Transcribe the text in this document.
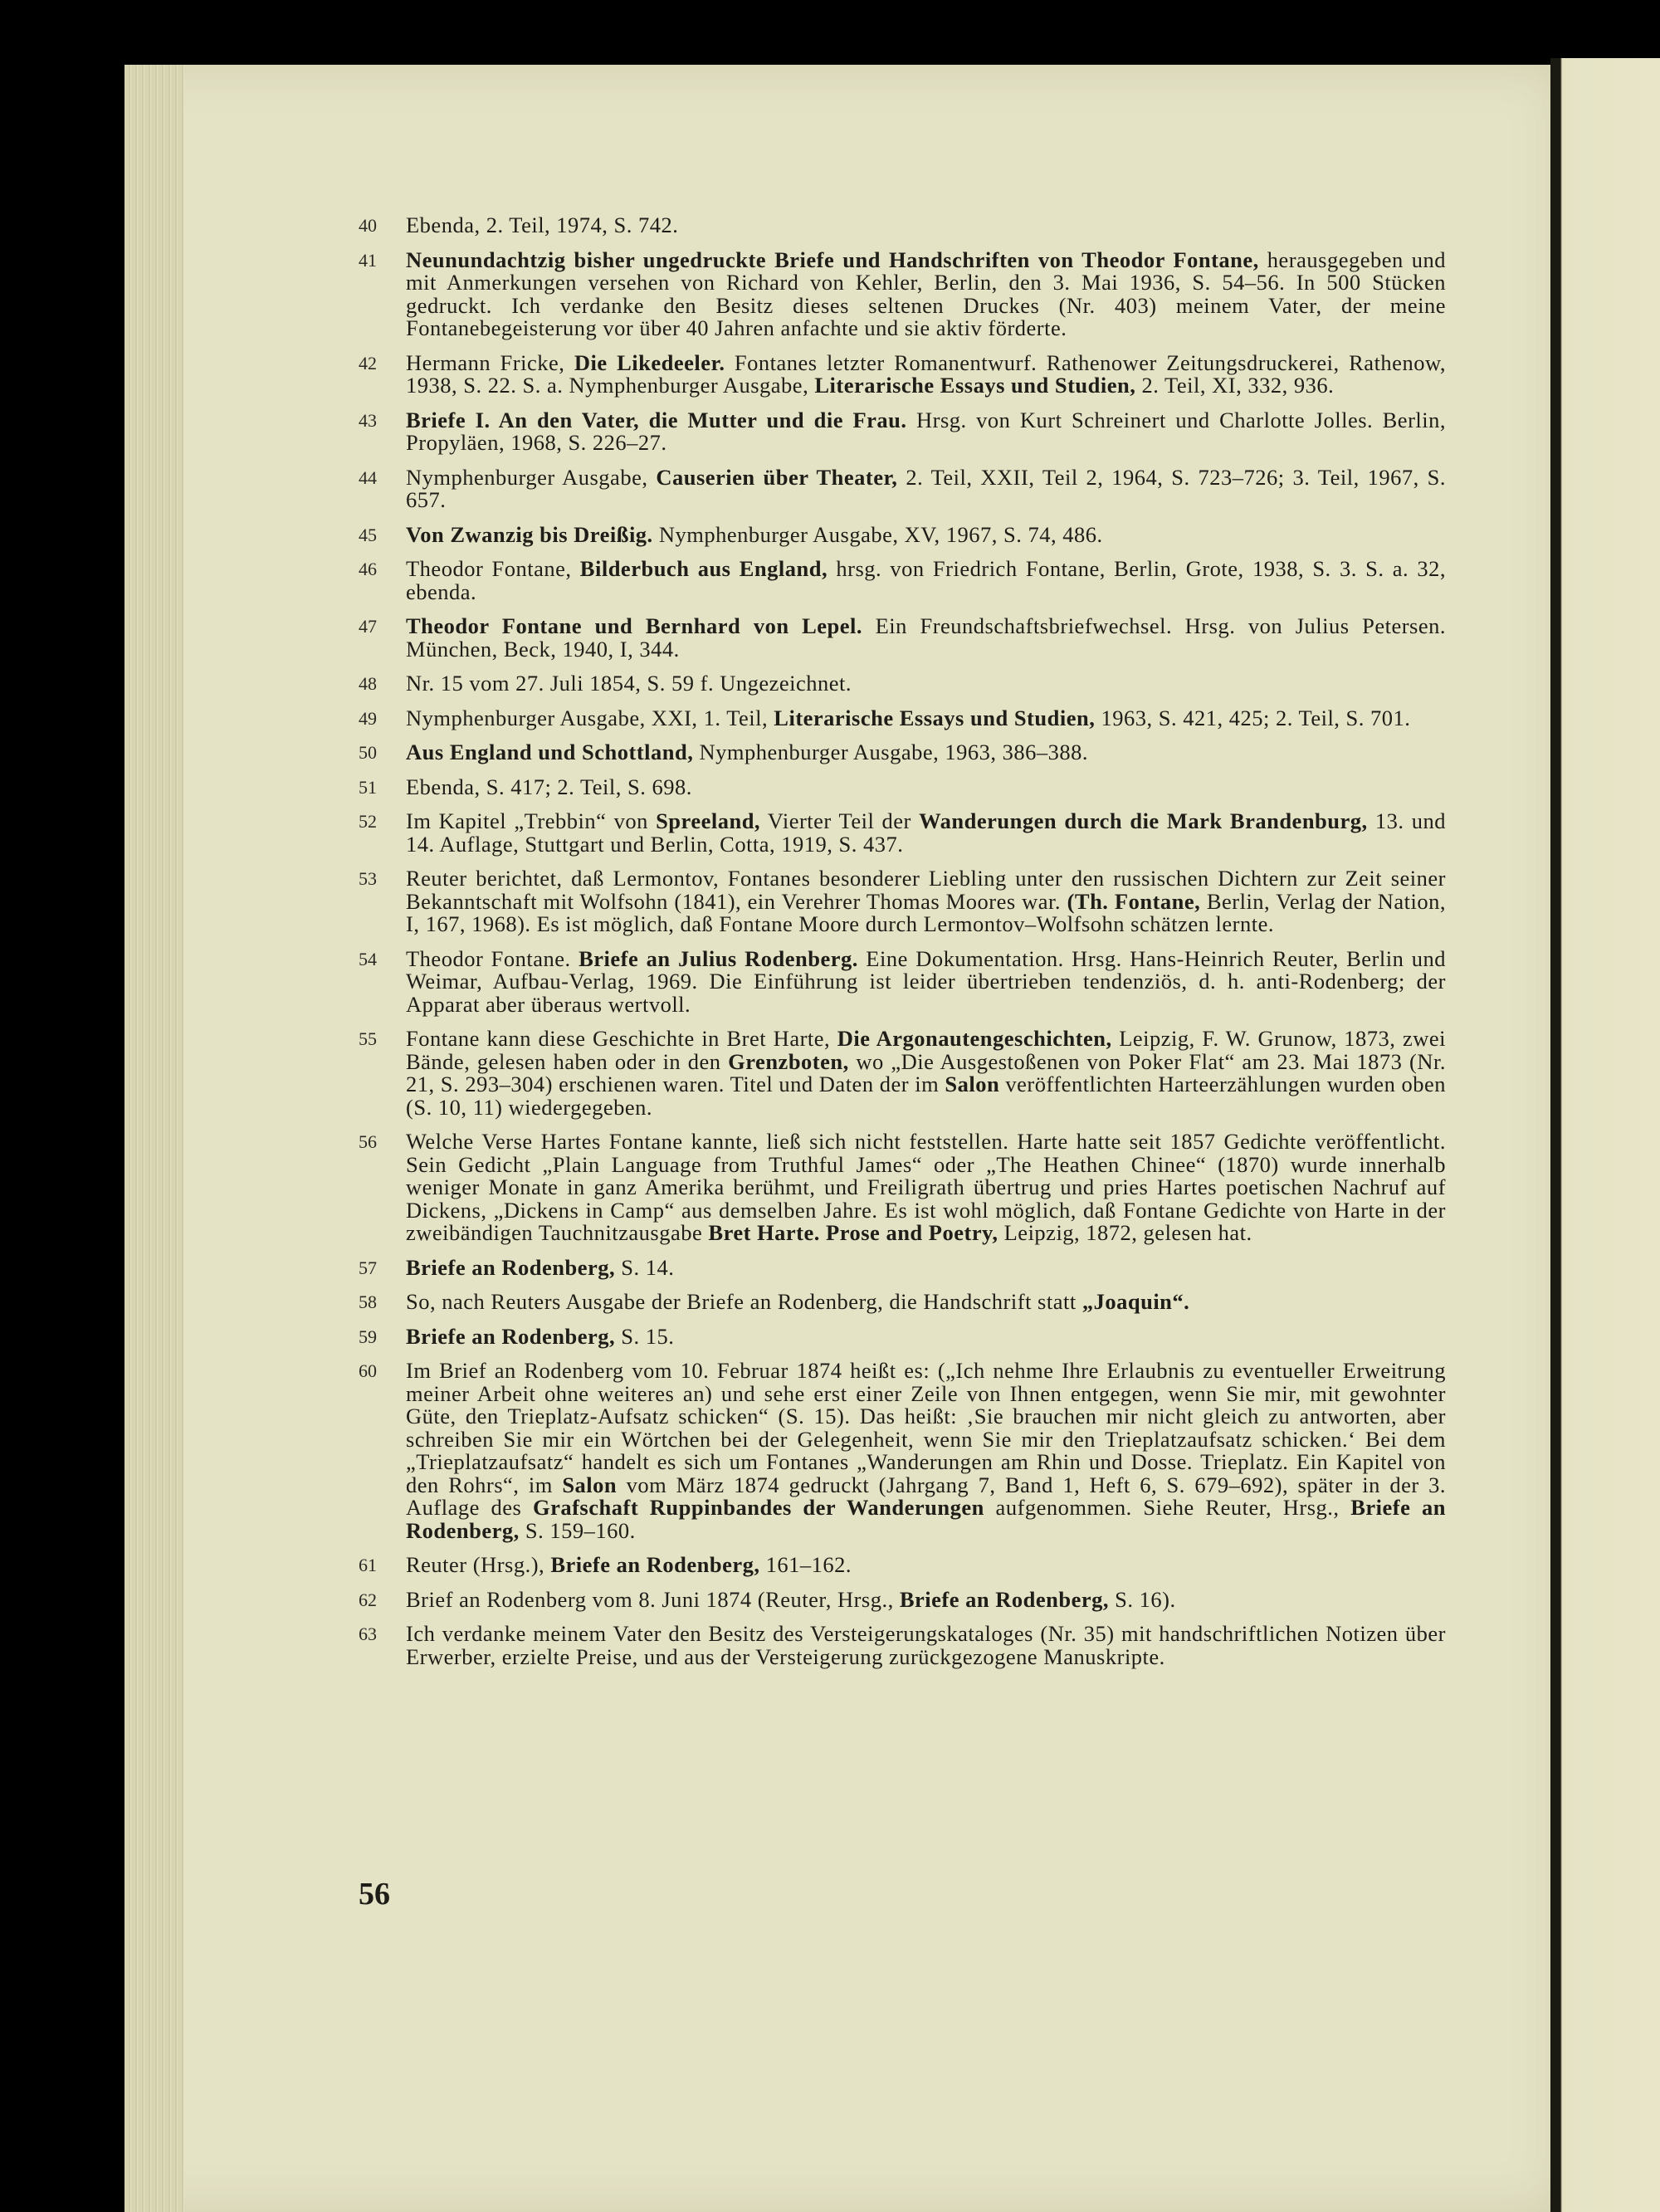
40	Ebenda, 2. Teil, 1974, S. 742.
41	Neunundachtzig bisher ungedruckte Briefe und Handschriften von Theodor Fontane, herausgegeben und mit Anmerkungen versehen von Richard von Kehler, Berlin, den 3. Mai 1936, S. 54–56. In 500 Stücken gedruckt. Ich verdanke den Besitz dieses seltenen Druckes (Nr. 403) meinem Vater, der meine Fontanebegeisterung vor über 40 Jahren anfachte und sie aktiv förderte.
42	Hermann Fricke, Die Likedeeler. Fontanes letzter Romanentwurf. Rathenower Zeitungsdruckerei, Rathenow, 1938, S. 22. S. a. Nymphenburger Ausgabe, Literarische Essays und Studien, 2. Teil, XI, 332, 936.
43	Briefe I. An den Vater, die Mutter und die Frau. Hrsg. von Kurt Schreinert und Charlotte Jolles. Berlin, Propyläen, 1968, S. 226–27.
44	Nymphenburger Ausgabe, Causerien über Theater, 2. Teil, XXII, Teil 2, 1964, S. 723–726; 3. Teil, 1967, S. 657.
45	Von Zwanzig bis Dreißig. Nymphenburger Ausgabe, XV, 1967, S. 74, 486.
46	Theodor Fontane, Bilderbuch aus England, hrsg. von Friedrich Fontane, Berlin, Grote, 1938, S. 3. S. a. 32, ebenda.
47	Theodor Fontane und Bernhard von Lepel. Ein Freundschaftsbriefwechsel. Hrsg. von Julius Petersen. München, Beck, 1940, I, 344.
48	Nr. 15 vom 27. Juli 1854, S. 59 f. Ungezeichnet.
49	Nymphenburger Ausgabe, XXI, 1. Teil, Literarische Essays und Studien, 1963, S. 421, 425; 2. Teil, S. 701.
50	Aus England und Schottland, Nymphenburger Ausgabe, 1963, 386–388.
51	Ebenda, S. 417; 2. Teil, S. 698.
52	Im Kapitel „Trebbin“ von Spreeland, Vierter Teil der Wanderungen durch die Mark Brandenburg, 13. und 14. Auflage, Stuttgart und Berlin, Cotta, 1919, S. 437.
53	Reuter berichtet, daß Lermontov, Fontanes besonderer Liebling unter den russischen Dichtern zur Zeit seiner Bekanntschaft mit Wolfsohn (1841), ein Verehrer Thomas Moores war. (Th. Fontane, Berlin, Verlag der Nation, I, 167, 1968). Es ist möglich, daß Fontane Moore durch Lermontov–Wolfsohn schätzen lernte.
54	Theodor Fontane. Briefe an Julius Rodenberg. Eine Dokumentation. Hrsg. Hans-Heinrich Reuter, Berlin und Weimar, Aufbau-Verlag, 1969. Die Einführung ist leider übertrieben tendenziös, d. h. anti-Rodenberg; der Apparat aber überaus wertvoll.
55	Fontane kann diese Geschichte in Bret Harte, Die Argonautengeschichten, Leipzig, F. W. Grunow, 1873, zwei Bände, gelesen haben oder in den Grenzboten, wo „Die Ausgestoßenen von Poker Flat“ am 23. Mai 1873 (Nr. 21, S. 293–304) erschienen waren. Titel und Daten der im Salon veröffentlichten Harteerzählungen wurden oben (S. 10, 11) wiedergegeben.
56	Welche Verse Hartes Fontane kannte, ließ sich nicht feststellen. Harte hatte seit 1857 Gedichte veröffentlicht. Sein Gedicht „Plain Language from Truthful James“ oder „The Heathen Chinee“ (1870) wurde innerhalb weniger Monate in ganz Amerika berühmt, und Freiligrath übertrug und pries Hartes poetischen Nachruf auf Dickens, „Dickens in Camp“ aus demselben Jahre. Es ist wohl möglich, daß Fontane Gedichte von Harte in der zweibändigen Tauchnitzausgabe Bret Harte. Prose and Poetry, Leipzig, 1872, gelesen hat.
57	Briefe an Rodenberg, S. 14.
58	So, nach Reuters Ausgabe der Briefe an Rodenberg, die Handschrift statt „Joaquin“.
59	Briefe an Rodenberg, S. 15.
60	Im Brief an Rodenberg vom 10. Februar 1874 heißt es: („Ich nehme Ihre Erlaubnis zu eventueller Erweitrung meiner Arbeit ohne weiteres an) und sehe erst einer Zeile von Ihnen entgegen, wenn Sie mir, mit gewohnter Güte, den Trieplatz-Aufsatz schicken“ (S. 15). Das heißt: ‚Sie brauchen mir nicht gleich zu antworten, aber schreiben Sie mir ein Wörtchen bei der Gelegenheit, wenn Sie mir den Trieplatzaufsatz schicken.‘ Bei dem „Trieplatzaufsatz“ handelt es sich um Fontanes „Wanderungen am Rhin und Dosse. Trieplatz. Ein Kapitel von den Rohrs“, im Salon vom März 1874 gedruckt (Jahrgang 7, Band 1, Heft 6, S. 679–692), später in der 3. Auflage des Grafschaft Ruppinbandes der Wanderungen aufgenommen. Siehe Reuter, Hrsg., Briefe an Rodenberg, S. 159–160.
61	Reuter (Hrsg.), Briefe an Rodenberg, 161–162.
62	Brief an Rodenberg vom 8. Juni 1874 (Reuter, Hrsg., Briefe an Rodenberg, S. 16).
63	Ich verdanke meinem Vater den Besitz des Versteigerungskataloges (Nr. 35) mit handschriftlichen Notizen über Erwerber, erzielte Preise, und aus der Versteigerung zurückgezogene Manuskripte.
56
